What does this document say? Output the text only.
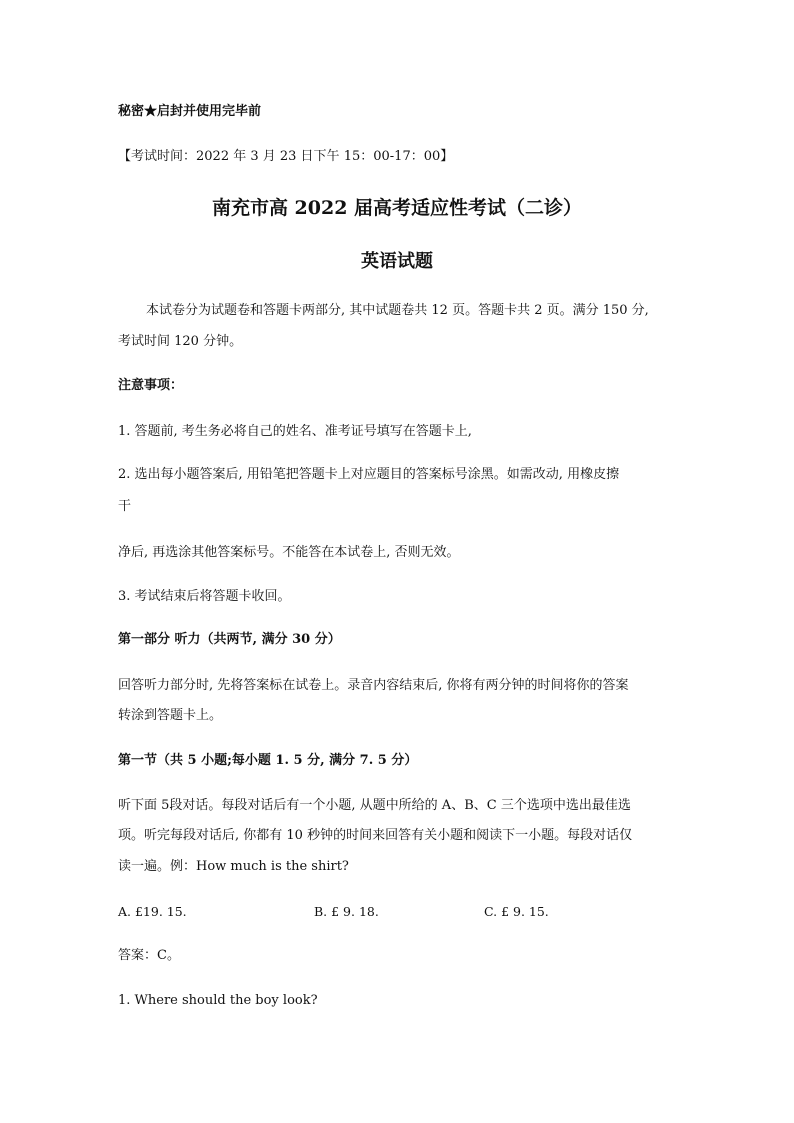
秘密★启封并使用完毕前
【考试时间：2022 年 3 月 23 日下午 15：00-17：00】
南充市高 2022 届高考适应性考试（二诊）
英语试题
本试卷分为试题卷和答题卡两部分, 其中试题卷共 12 页。答题卡共 2 页。满分 150 分,
考试时间 120 分钟。
注意事项：
1. 答题前, 考生务必将自己的姓名、准考证号填写在答题卡上,
2. 选出每小题答案后, 用铅笔把答题卡上对应题目的答案标号涂黑。如需改动, 用橡皮擦
干
净后, 再选涂其他答案标号。不能答在本试卷上, 否则无效。
3. 考试结束后将答题卡收回。
第一部分 听力（共两节, 满分 30 分）
回答听力部分时, 先将答案标在试卷上。录音内容结束后, 你将有两分钟的时间将你的答案
转涂到答题卡上。
第一节（共 5 小题;每小题 1. 5 分, 满分 7. 5 分）
听下面 5段对话。每段对话后有一个小题, 从题中所给的 A、B、C 三个选项中选出最佳选
项。听完每段对话后, 你都有 10 秒钟的时间来回答有关小题和阅读下一小题。每段对话仅
读一遍。例：How much is the shirt?
A. £19. 15.	B. £ 9. 18.	C. £ 9. 15.
答案：C。
1. Where should the boy look?
